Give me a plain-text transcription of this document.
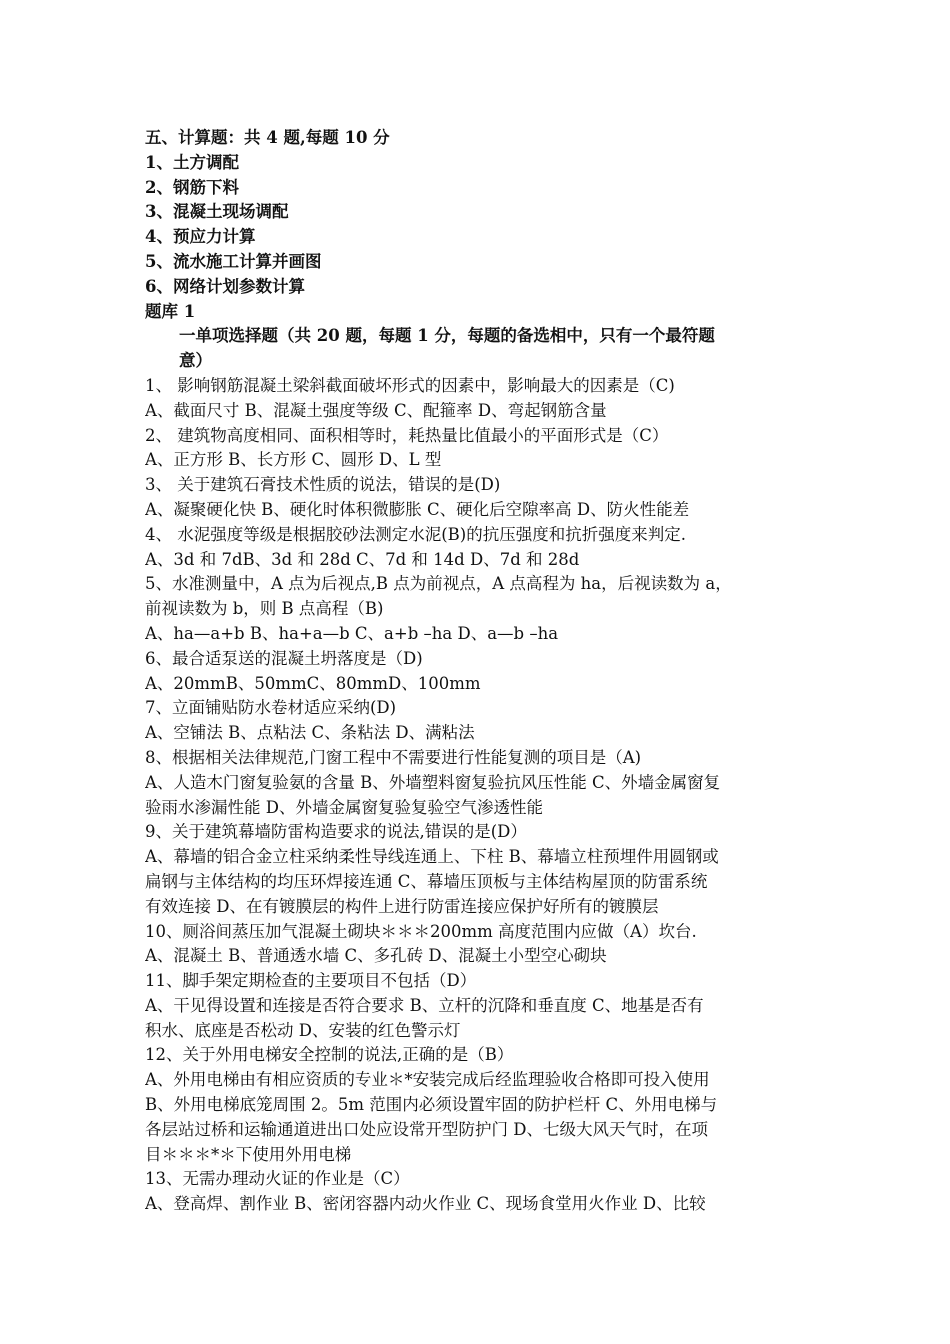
五、计算题：共 4 题,每题 10 分
1、土方调配
2、钢筋下料
3、混凝土现场调配
4、预应力计算
5、流水施工计算并画图
6、网络计划参数计算
题库 1
一单项选择题（共 20 题，每题 1 分，每题的备选相中，只有一个最符题
意）
1、 影响钢筋混凝土梁斜截面破坏形式的因素中，影响最大的因素是（C)
A、截面尺寸 B、混凝土强度等级 C、配箍率 D、弯起钢筋含量
2、 建筑物高度相同、面积相等时，耗热量比值最小的平面形式是（C）
A、正方形 B、长方形 C、圆形 D、L 型
3、 关于建筑石膏技术性质的说法，错误的是(D)
A、凝聚硬化快 B、硬化时体积微膨胀 C、硬化后空隙率高 D、防火性能差
4、 水泥强度等级是根据胶砂法测定水泥(B)的抗压强度和抗折强度来判定.
A、3d 和 7dB、3d 和 28d C、7d 和 14d D、7d 和 28d
5、水准测量中，A 点为后视点,B 点为前视点，A 点高程为 ha，后视读数为 a，
前视读数为 b，则 B 点高程（B)
A、ha—a+b B、ha+a—b C、a+b –ha D、a—b –ha
6、最合适泵送的混凝土坍落度是（D)
A、20mmB、50mmC、80mmD、100mm
7、立面铺贴防水卷材适应采纳(D)
A、空铺法 B、点粘法 C、条粘法 D、满粘法
8、根据相关法律规范,门窗工程中不需要进行性能复测的项目是（A)
A、人造木门窗复验氨的含量 B、外墙塑料窗复验抗风压性能 C、外墙金属窗复
验雨水渗漏性能 D、外墙金属窗复验复验空气渗透性能
9、关于建筑幕墙防雷构造要求的说法,错误的是(D）
A、幕墙的铝合金立柱采纳柔性导线连通上、下柱 B、幕墙立柱预埋件用圆钢或
扁钢与主体结构的均压环焊接连通 C、幕墙压顶板与主体结构屋顶的防雷系统
有效连接 D、在有镀膜层的构件上进行防雷连接应保护好所有的镀膜层
10、厕浴间蒸压加气混凝土砌块＊＊＊200mm 高度范围内应做（A）坎台.
A、混凝土 B、普通透水墙 C、多孔砖 D、混凝土小型空心砌块
11、脚手架定期检查的主要项目不包括（D）
A、干见得设置和连接是否符合要求 B、立杆的沉降和垂直度 C、地基是否有
积水、底座是否松动 D、安装的红色警示灯
12、关于外用电梯安全控制的说法,正确的是（B）
A、外用电梯由有相应资质的专业＊*安装完成后经监理验收合格即可投入使用
B、外用电梯底笼周围 2。5m 范围内必须设置牢固的防护栏杆 C、外用电梯与
各层站过桥和运输通道进出口处应设常开型防护门 D、七级大风天气时，在项
目＊＊＊*＊下使用外用电梯
13、无需办理动火证的作业是（C）
A、登高焊、割作业 B、密闭容器内动火作业 C、现场食堂用火作业 D、比较
